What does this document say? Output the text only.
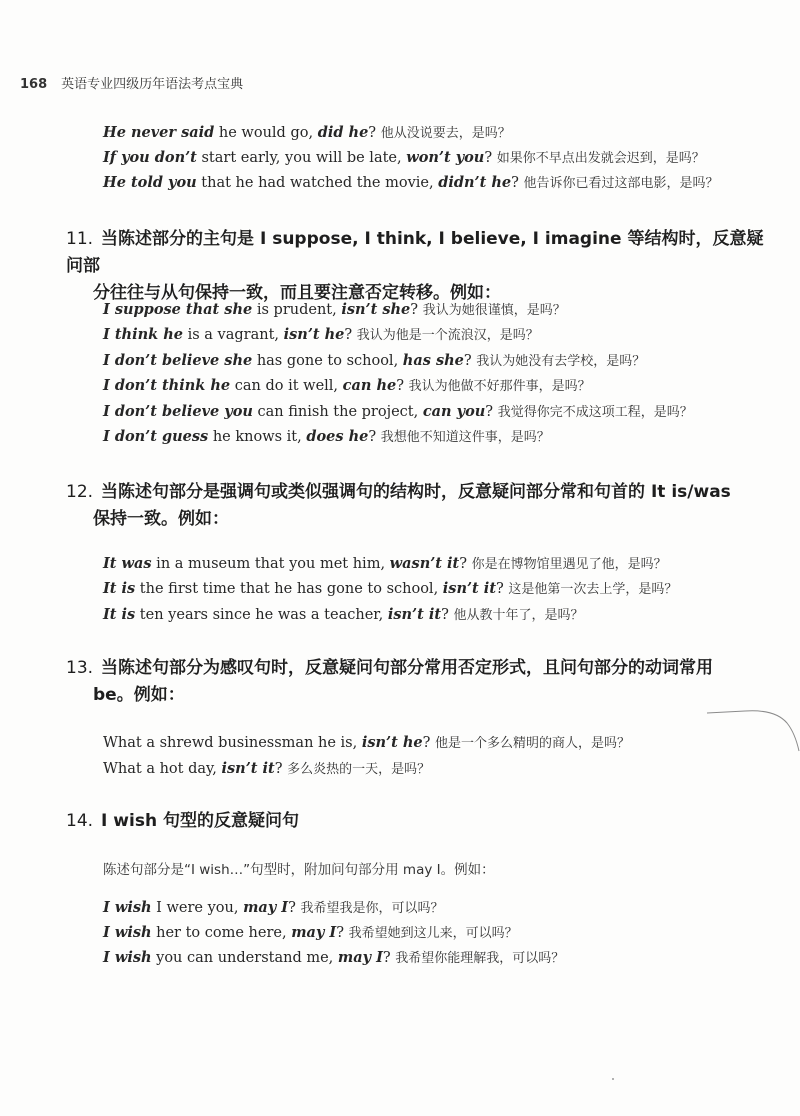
168 英语专业四级历年语法考点宝典
He never said he would go, did he? 他从没说要去，是吗？
If you don’t start early, you will be late, won’t you? 如果你不早点出发就会迟到，是吗？
He told you that he had watched the movie, didn’t he? 他告诉你已看过这部电影，是吗？
11. 当陈述部分的主句是 I suppose, I think, I believe, I imagine 等结构时，反意疑问部
分往往与从句保持一致，而且要注意否定转移。例如：
I suppose that she is prudent, isn’t she? 我认为她很谨慎，是吗？
I think he is a vagrant, isn’t he? 我认为他是一个流浪汉，是吗？
I don’t believe she has gone to school, has she? 我认为她没有去学校，是吗？
I don’t think he can do it well, can he? 我认为他做不好那件事，是吗？
I don’t believe you can finish the project, can you? 我觉得你完不成这项工程，是吗？
I don’t guess he knows it, does he? 我想他不知道这件事，是吗？
12. 当陈述句部分是强调句或类似强调句的结构时，反意疑问部分常和句首的 It is/was
保持一致。例如：
It was in a museum that you met him, wasn’t it? 你是在博物馆里遇见了他，是吗？
It is the first time that he has gone to school, isn’t it? 这是他第一次去上学，是吗？
It is ten years since he was a teacher, isn’t it? 他从教十年了，是吗？
13. 当陈述句部分为感叹句时，反意疑问句部分常用否定形式，且问句部分的动词常用
be。例如：
What a shrewd businessman he is, isn’t he? 他是一个多么精明的商人，是吗？
What a hot day, isn’t it? 多么炎热的一天，是吗？
14. I wish 句型的反意疑问句
陈述句部分是“I wish…”句型时，附加问句部分用 may I。例如：
I wish I were you, may I? 我希望我是你，可以吗？
I wish her to come here, may I? 我希望她到这儿来，可以吗？
I wish you can understand me, may I? 我希望你能理解我，可以吗？
